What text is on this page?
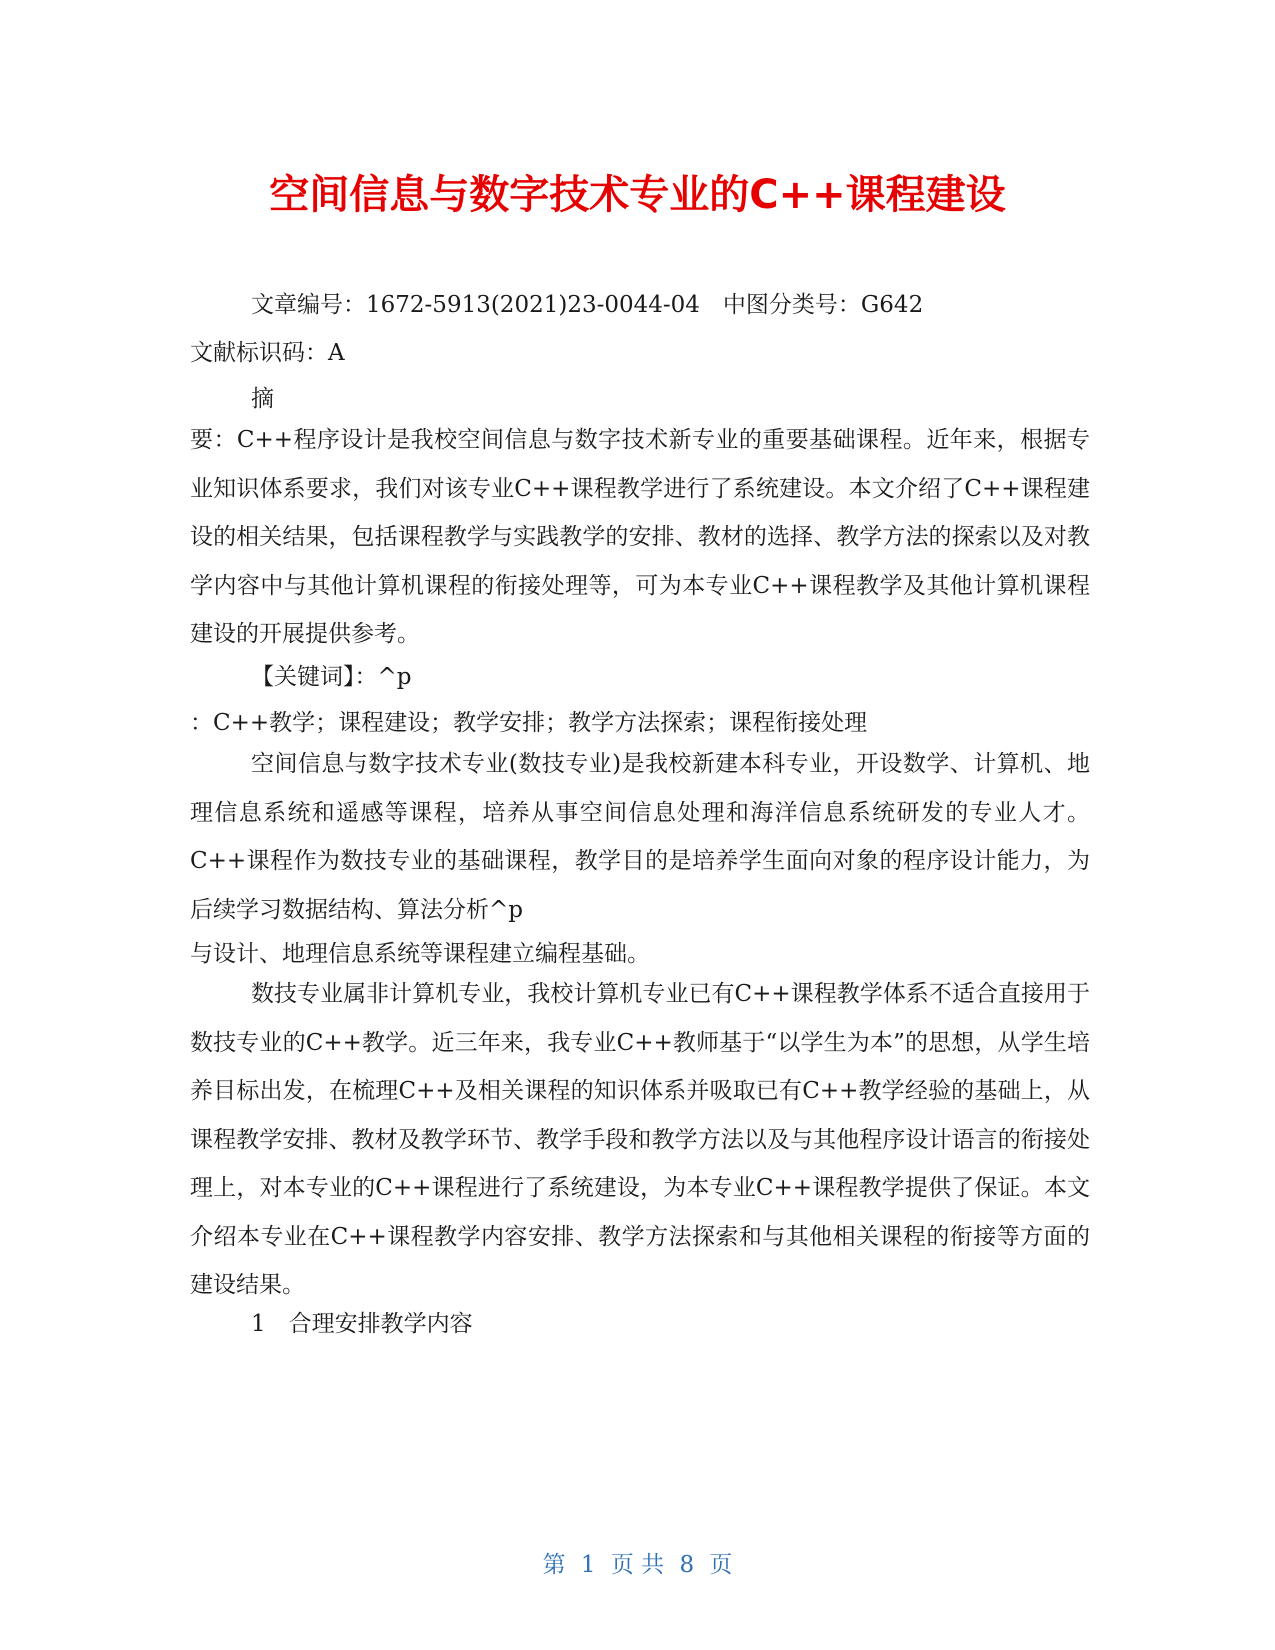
空间信息与数字技术专业的C++课程建设

文章编号：1672-5913(2021)23-0044-04　中图分类号：G642

文献标识码：A

摘

要：C++程序设计是我校空间信息与数字技术新专业的重要基础课程。近年来，根据专业知识体系要求，我们对该专业C++课程教学进行了系统建设。本文介绍了C++课程建设的相关结果，包括课程教学与实践教学的安排、教材的选择、教学方法的探索以及对教学内容中与其他计算机课程的衔接处理等，可为本专业C++课程教学及其他计算机课程建设的开展提供参考。

【关键词】：^p

：C++教学；课程建设；教学安排；教学方法探索；课程衔接处理

空间信息与数字技术专业(数技专业)是我校新建本科专业，开设数学、计算机、地理信息系统和遥感等课程，培养从事空间信息处理和海洋信息系统研发的专业人才。C++课程作为数技专业的基础课程，教学目的是培养学生面向对象的程序设计能力，为后续学习数据结构、算法分析^p

与设计、地理信息系统等课程建立编程基础。

数技专业属非计算机专业，我校计算机专业已有C++课程教学体系不适合直接用于数技专业的C++教学。近三年来，我专业C++教师基于“以学生为本”的思想，从学生培养目标出发，在梳理C++及相关课程的知识体系并吸取已有C++教学经验的基础上，从课程教学安排、教材及教学环节、教学手段和教学方法以及与其他程序设计语言的衔接处理上，对本专业的C++课程进行了系统建设，为本专业C++课程教学提供了保证。本文介绍本专业在C++课程教学内容安排、教学方法探索和与其他相关课程的衔接等方面的建设结果。

1　 合理安排教学内容

第 1 页 共 8 页
